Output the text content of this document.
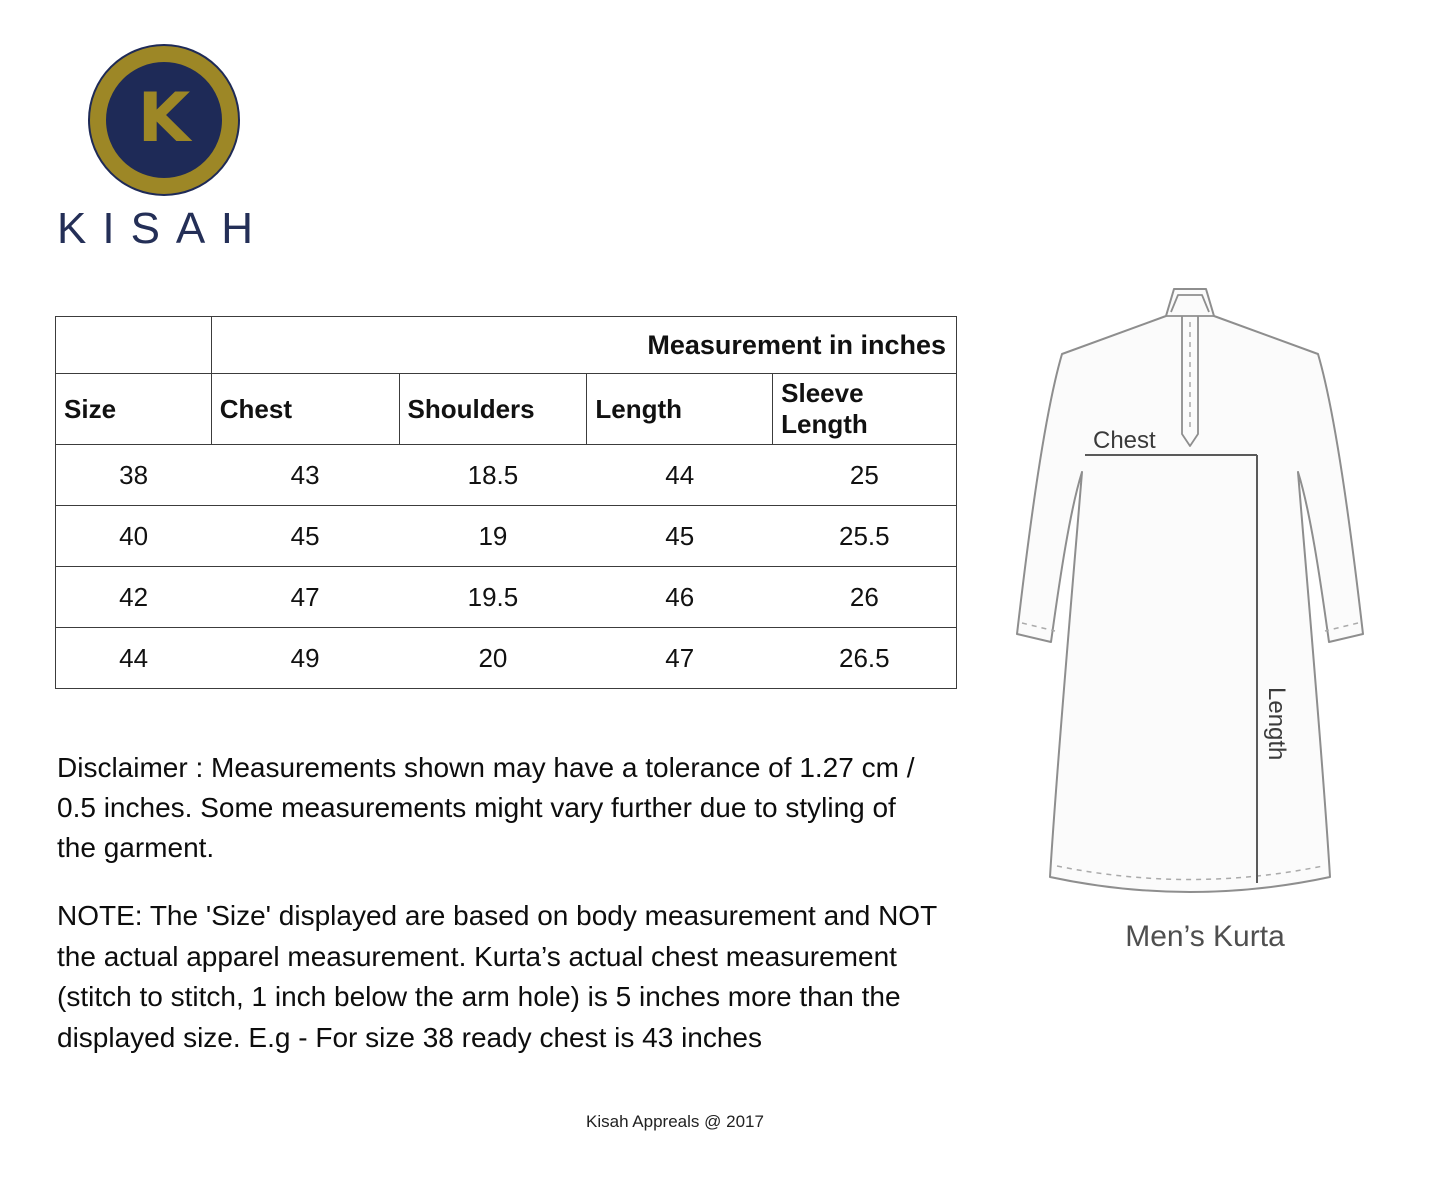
K
KISAH
	Measurement in inches			
Size	Chest	Shoulders	Length	Sleeve Length
38	43	18.5	44	25
40	45	19	45	25.5
42	47	19.5	46	26
44	49	20	47	26.5

Disclaimer : Measurements shown may have a tolerance of 1.27 cm / 0.5 inches. Some measurements might vary further due to styling of the garment.

NOTE: The 'Size' displayed are based on body measurement and NOT the actual apparel measurement. Kurta’s actual chest measurement (stitch to stitch, 1 inch below the arm hole) is 5 inches more than the displayed size. E.g - For size 38 ready chest is 43 inches

Chest
Length
Men’s Kurta
Kisah Appreals @ 2017
